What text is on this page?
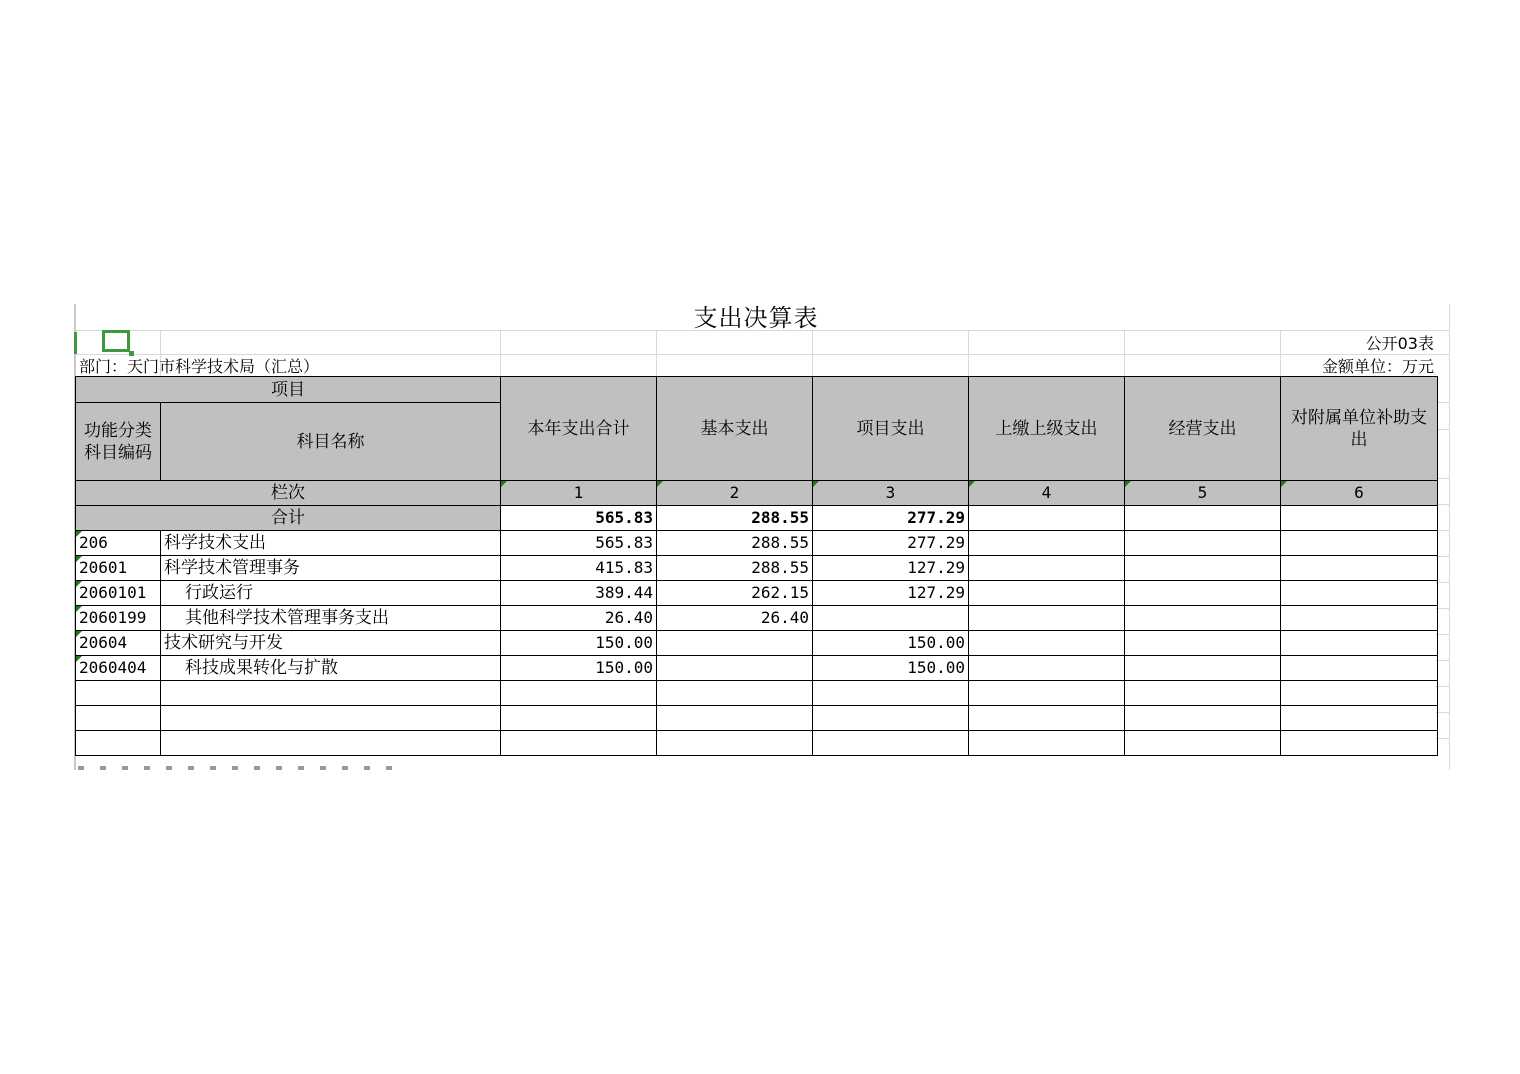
支出决算表
公开03表
部门：天门市科学技术局（汇总）	金额单位：万元
项目		本年支出合计	基本支出	项目支出	上缴上级支出	经营支出	对附属单位补助支出
功能分类科目编码	科目名称						
栏次		1	2	3	4	5	6
合计		565.83	288.55	277.29			
206	科学技术支出	565.83	288.55	277.29			
20601	科学技术管理事务	415.83	288.55	127.29			
2060101	行政运行	389.44	262.15	127.29			
2060199	其他科学技术管理事务支出	26.40	26.40				
20604	技术研究与开发	150.00		150.00			
2060404	科技成果转化与扩散	150.00		150.00			
